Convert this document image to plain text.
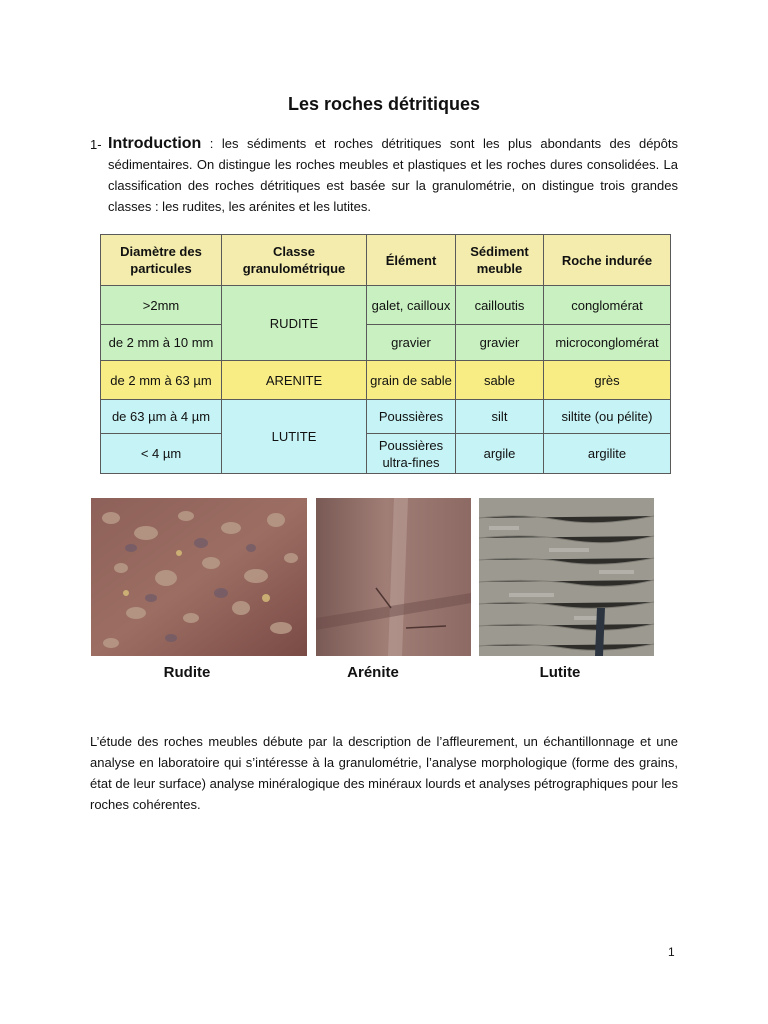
Les roches détritiques
1- Introduction : les sédiments et roches détritiques sont les plus abondants des dépôts sédimentaires. On distingue les roches meubles et plastiques et les roches dures consolidées. La classification des roches détritiques est basée sur la granulométrie, on distingue trois grandes classes : les rudites, les arénites et les lutites.
Diamètre des particules	Classe granulométrique	Élément	Sédiment meuble	Roche indurée
>2mm	RUDITE	galet, cailloux	cailloutis	conglomérat
de 2 mm à 10 mm		gravier	gravier	microconglomérat
de 2 mm à 63 µm	ARENITE	grain de sable	sable	grès
de 63 µm à 4 µm	LUTITE	Poussières	silt	siltite (ou pélite)
< 4 µm		Poussières ultra-fines	argile	argilite
Rudite	Arénite	Lutite
L’étude des roches meubles débute par la description de l’affleurement, un échantillonnage et une analyse en laboratoire qui s’intéresse à la granulométrie, l’analyse morphologique (forme des grains, état de leur surface) analyse minéralogique des minéraux lourds et analyses pétrographiques pour les roches cohérentes.
1
